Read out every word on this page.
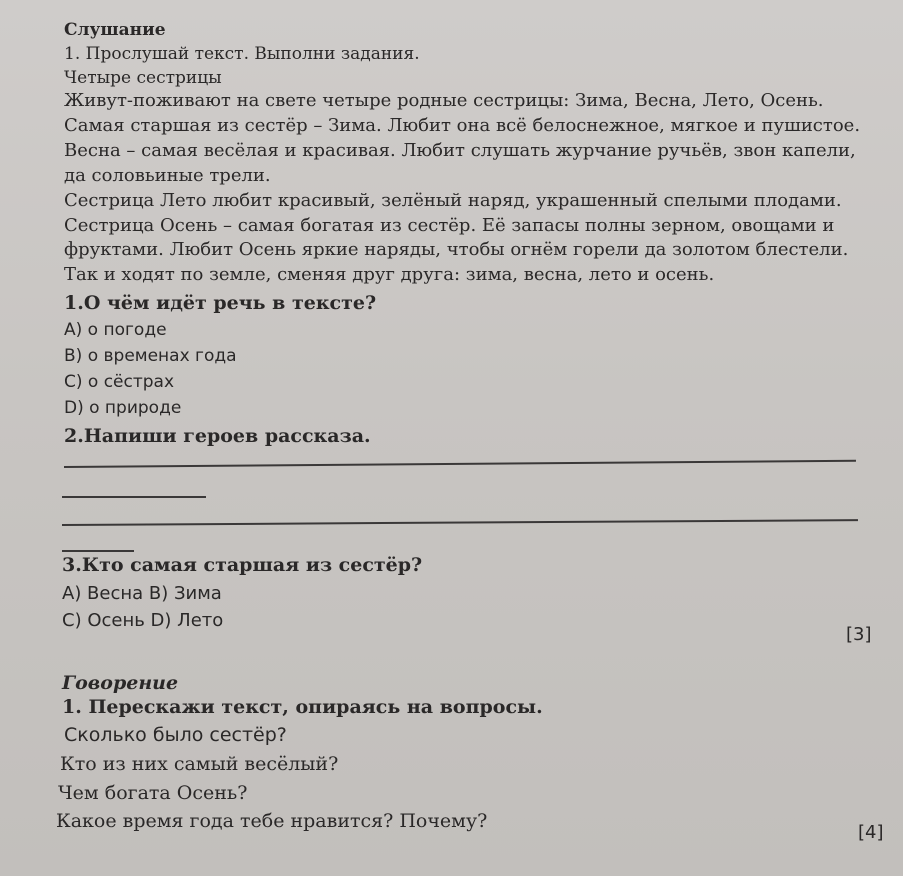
Слушание
1. Прослушай текст. Выполни задания.
Четыре сестрицы
Живут-поживают на свете четыре родные сестрицы: Зима, Весна, Лето, Осень.
Самая старшая из сестёр – Зима. Любит она всё белоснежное, мягкое и пушистое.
Весна – самая весёлая и красивая. Любит слушать журчание ручьёв, звон капели,
да соловьиные трели.
Сестрица Лето любит красивый, зелёный наряд, украшенный спелыми плодами.
Сестрица Осень – самая богатая из сестёр. Её запасы полны зерном, овощами и
фруктами. Любит Осень яркие наряды, чтобы огнём горели да золотом блестели.
Так и ходят по земле, сменяя друг друга: зима, весна, лето и осень.
1.О чём идёт речь в тексте?
А) о погоде
В) о временах года
С) о сёстрах
D) о природе
2.Напиши героев рассказа.
3.Кто самая старшая из сестёр?
А) Весна В) Зима
С) Осень D) Лето
[3]
Говорение
1. Перескажи текст, опираясь на вопросы.
Сколько было сестёр?
Кто из них самый весёлый?
Чем богата Осень?
Какое время года тебе нравится? Почему?
[4]
